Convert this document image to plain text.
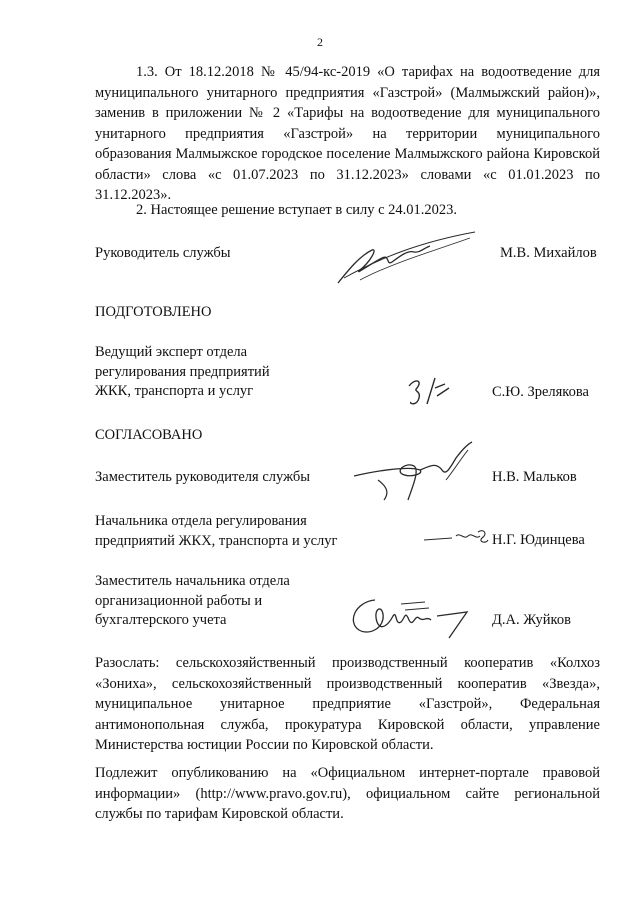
2
1.3. От 18.12.2018 № 45/94-кс-2019 «О тарифах на водоотведение для муниципального унитарного предприятия «Газстрой» (Малмыжский район)», заменив в приложении № 2 «Тарифы на водоотведение для муниципального унитарного предприятия «Газстрой» на территории муниципального образования Малмыжское городское поселение Малмыжского района Кировской области» слова «с 01.07.2023 по 31.12.2023» словами «с 01.01.2023 по 31.12.2023».
2. Настоящее решение вступает в силу с 24.01.2023.
Руководитель службы	М.В. Михайлов
ПОДГОТОВЛЕНО
Ведущий эксперт отдела регулирования предприятий ЖКК, транспорта и услуг	С.Ю. Зрелякова
СОГЛАСОВАНО
Заместитель руководителя службы	Н.В. Мальков
Начальника отдела регулирования предприятий ЖКХ, транспорта и услуг	Н.Г. Юдинцева
Заместитель начальника отдела организационной работы и бухгалтерского учета	Д.А. Жуйков
Разослать: сельскохозяйственный производственный кооператив «Колхоз «Зониха», сельскохозяйственный производственный кооператив «Звезда», муниципальное унитарное предприятие «Газстрой», Федеральная антимонопольная служба, прокуратура Кировской области, управление Министерства юстиции России по Кировской области.
Подлежит опубликованию на «Официальном интернет-портале правовой информации» (http://www.pravo.gov.ru), официальном сайте региональной службы по тарифам Кировской области.
